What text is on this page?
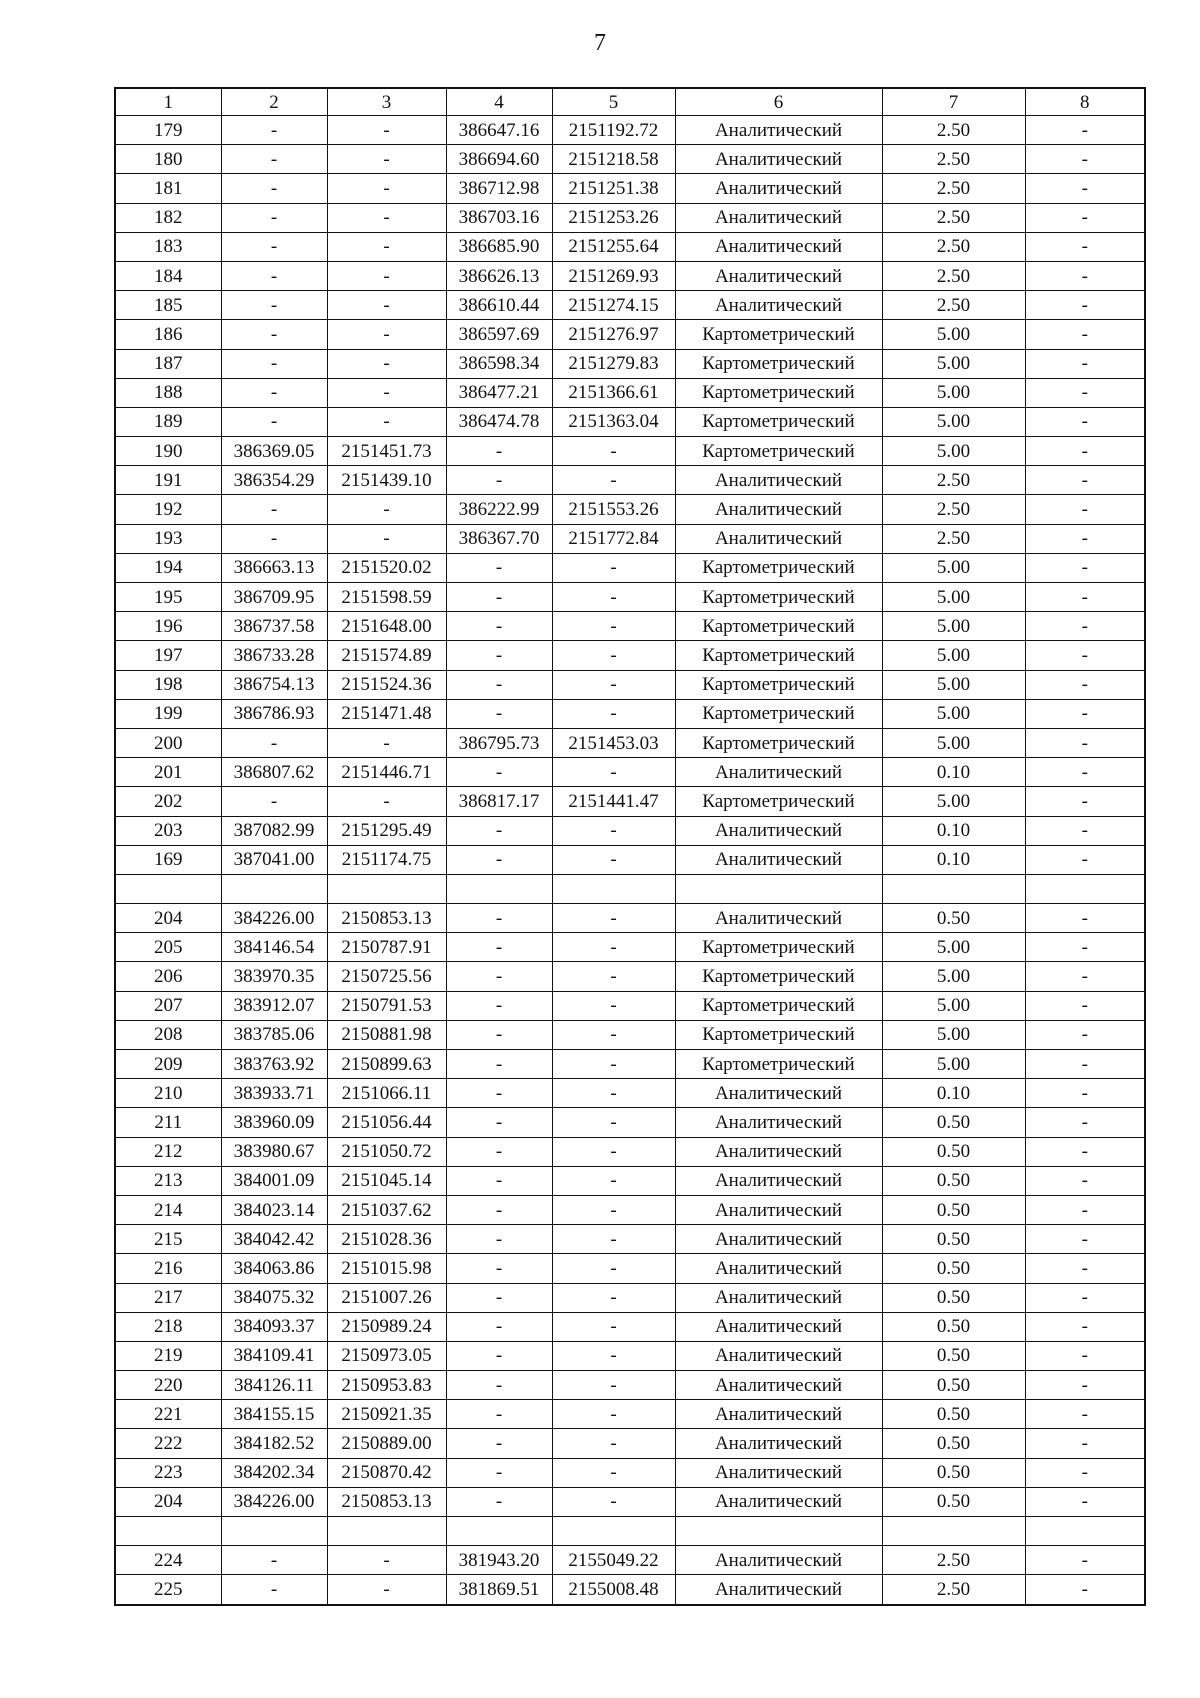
7
1	2	3	4	5	6	7	8
179	-	-	386647.16	2151192.72	Аналитический	2.50	-
180	-	-	386694.60	2151218.58	Аналитический	2.50	-
181	-	-	386712.98	2151251.38	Аналитический	2.50	-
182	-	-	386703.16	2151253.26	Аналитический	2.50	-
183	-	-	386685.90	2151255.64	Аналитический	2.50	-
184	-	-	386626.13	2151269.93	Аналитический	2.50	-
185	-	-	386610.44	2151274.15	Аналитический	2.50	-
186	-	-	386597.69	2151276.97	Картометрический	5.00	-
187	-	-	386598.34	2151279.83	Картометрический	5.00	-
188	-	-	386477.21	2151366.61	Картометрический	5.00	-
189	-	-	386474.78	2151363.04	Картометрический	5.00	-
190	386369.05	2151451.73	-	-	Картометрический	5.00	-
191	386354.29	2151439.10	-	-	Аналитический	2.50	-
192	-	-	386222.99	2151553.26	Аналитический	2.50	-
193	-	-	386367.70	2151772.84	Аналитический	2.50	-
194	386663.13	2151520.02	-	-	Картометрический	5.00	-
195	386709.95	2151598.59	-	-	Картометрический	5.00	-
196	386737.58	2151648.00	-	-	Картометрический	5.00	-
197	386733.28	2151574.89	-	-	Картометрический	5.00	-
198	386754.13	2151524.36	-	-	Картометрический	5.00	-
199	386786.93	2151471.48	-	-	Картометрический	5.00	-
200	-	-	386795.73	2151453.03	Картометрический	5.00	-
201	386807.62	2151446.71	-	-	Аналитический	0.10	-
202	-	-	386817.17	2151441.47	Картометрический	5.00	-
203	387082.99	2151295.49	-	-	Аналитический	0.10	-
169	387041.00	2151174.75	-	-	Аналитический	0.10	-

204	384226.00	2150853.13	-	-	Аналитический	0.50	-
205	384146.54	2150787.91	-	-	Картометрический	5.00	-
206	383970.35	2150725.56	-	-	Картометрический	5.00	-
207	383912.07	2150791.53	-	-	Картометрический	5.00	-
208	383785.06	2150881.98	-	-	Картометрический	5.00	-
209	383763.92	2150899.63	-	-	Картометрический	5.00	-
210	383933.71	2151066.11	-	-	Аналитический	0.10	-
211	383960.09	2151056.44	-	-	Аналитический	0.50	-
212	383980.67	2151050.72	-	-	Аналитический	0.50	-
213	384001.09	2151045.14	-	-	Аналитический	0.50	-
214	384023.14	2151037.62	-	-	Аналитический	0.50	-
215	384042.42	2151028.36	-	-	Аналитический	0.50	-
216	384063.86	2151015.98	-	-	Аналитический	0.50	-
217	384075.32	2151007.26	-	-	Аналитический	0.50	-
218	384093.37	2150989.24	-	-	Аналитический	0.50	-
219	384109.41	2150973.05	-	-	Аналитический	0.50	-
220	384126.11	2150953.83	-	-	Аналитический	0.50	-
221	384155.15	2150921.35	-	-	Аналитический	0.50	-
222	384182.52	2150889.00	-	-	Аналитический	0.50	-
223	384202.34	2150870.42	-	-	Аналитический	0.50	-
204	384226.00	2150853.13	-	-	Аналитический	0.50	-

224	-	-	381943.20	2155049.22	Аналитический	2.50	-
225	-	-	381869.51	2155008.48	Аналитический	2.50	-
